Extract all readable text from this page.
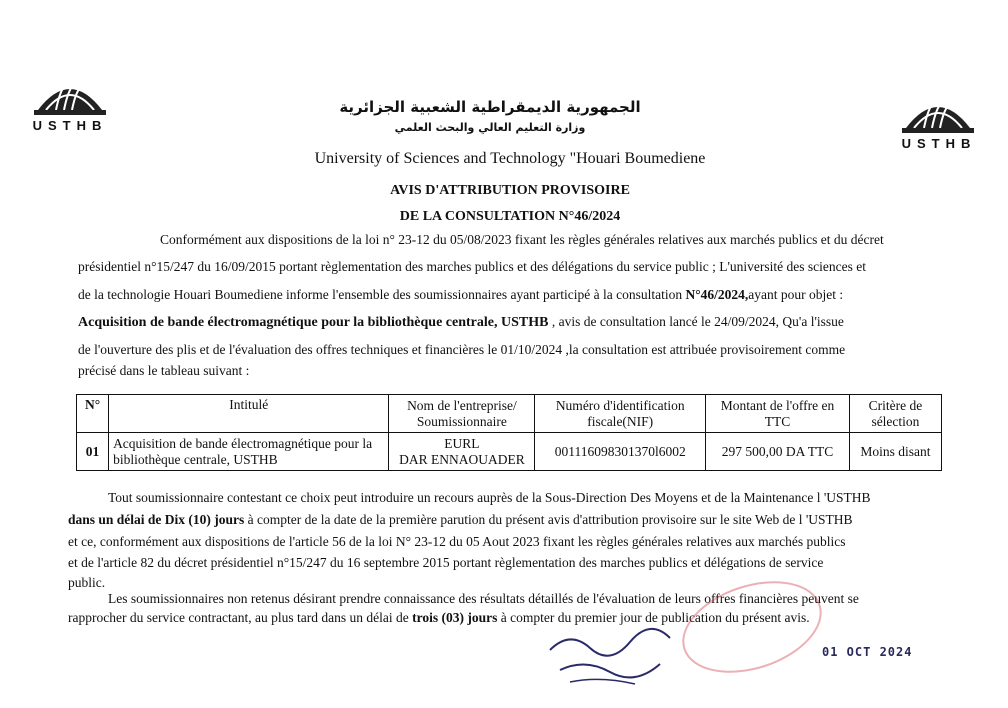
USTHB
USTHB
الجمهورية الديمقراطية الشعبية الجزائرية
وزارة التعليم العالي والبحث العلمي
University of Sciences and Technology "Houari Boumediene
AVIS D'ATTRIBUTION PROVISOIRE
DE LA CONSULTATION N°46/2024
Conformément aux dispositions de la loi n° 23-12 du 05/08/2023 fixant les règles générales relatives aux marchés publics et du décret
présidentiel n°15/247 du 16/09/2015 portant règlementation des marches publics et des délégations du service public ; L'université des sciences et
de la technologie Houari Boumediene informe l'ensemble des soumissionnaires ayant participé à la consultation N°46/2024,ayant pour objet :
Acquisition de bande électromagnétique pour la bibliothèque centrale, USTHB , avis de consultation lancé le 24/09/2024, Qu'a l'issue
de l'ouverture des plis et de l'évaluation des offres techniques et financières le 01/10/2024 ,la consultation est attribuée provisoirement comme
précisé dans le tableau suivant :
N°	Intitulé	Nom de l'entreprise/ Soumissionnaire	Numéro d'identification fiscale(NIF)	Montant de l'offre en TTC	Critère de sélection
01	Acquisition de bande électromagnétique pour la bibliothèque centrale, USTHB	EURL
DAR ENNAOUADER	001116098301370l6002	297 500,00 DA TTC	Moins disant
Tout soumissionnaire contestant ce choix peut introduire un recours auprès de la Sous-Direction Des Moyens et de la Maintenance l 'USTHB
dans un délai de Dix (10) jours à compter de la date de la première parution du présent avis d'attribution provisoire sur le site Web de l 'USTHB
et ce, conformément aux dispositions de l'article 56 de la loi N° 23-12 du 05 Aout 2023 fixant les règles générales relatives aux marchés publics
et de l'article 82 du décret présidentiel n°15/247 du 16 septembre 2015 portant règlementation des marches publics et délégations de service
public.
Les soumissionnaires non retenus désirant prendre connaissance des résultats détaillés de l'évaluation de leurs offres financières peuvent se
rapprocher du service contractant, au plus tard dans un délai de trois (03) jours à compter du premier jour de publication du présent avis.
01 OCT 2024
